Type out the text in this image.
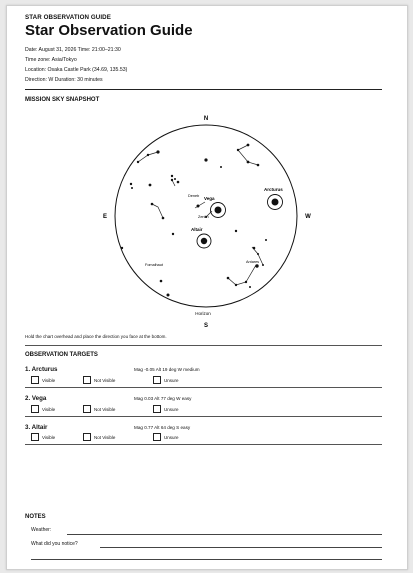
STAR OBSERVATION GUIDE
Star Observation Guide
Date: August 31, 2026 Time: 21:00–21:30
Time zone: Asia/Tokyo
Location: Osaka Castle Park (34.69, 135.53)
Direction: W Duration: 30 minutes
MISSION SKY SNAPSHOT
N
S
E	W
Horizon
Vega
Arcturus
Altair
Deneb
Zenith
Fomalhaut
Antares
Hold the chart overhead and place the direction you face at the bottom.
OBSERVATION TARGETS
1. Arcturus	Mag -0.05 Alt 19 deg W medium
Visible	Not Visible	Unsure
2. Vega	Mag 0.03 Alt 77 deg W easy
Visible	Not Visible	Unsure
3. Altair	Mag 0.77 Alt 64 deg S easy
Visible	Not Visible	Unsure
NOTES
Weather:
What did you notice?
